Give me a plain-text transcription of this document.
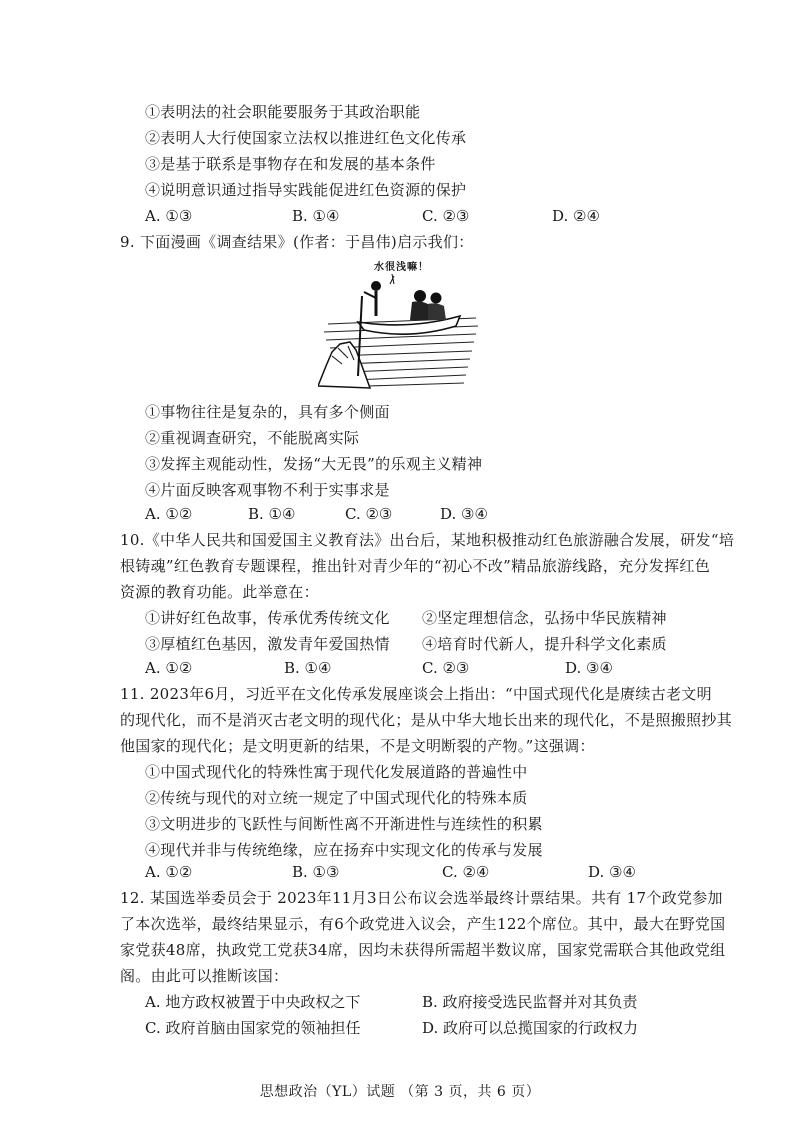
①表明法的社会职能要服务于其政治职能
②表明人大行使国家立法权以推进红色文化传承
③是基于联系是事物存在和发展的基本条件
④说明意识通过指导实践能促进红色资源的保护
A. ①③	B. ①④	C. ②③	D. ②④
9. 下面漫画《调查结果》(作者：于昌伟)启示我们：
水很浅嘛！
①事物往往是复杂的，具有多个侧面
②重视调查研究，不能脱离实际
③发挥主观能动性，发扬“大无畏”的乐观主义精神
④片面反映客观事物不利于实事求是
A. ①②	B. ①④	C. ②③	D. ③④
10.《中华人民共和国爱国主义教育法》出台后，某地积极推动红色旅游融合发展，研发“培
根铸魂”红色教育专题课程，推出针对青少年的“初心不改”精品旅游线路，充分发挥红色
资源的教育功能。此举意在：
①讲好红色故事，传承优秀传统文化 ②坚定理想信念，弘扬中华民族精神
③厚植红色基因，激发青年爱国热情 ④培育时代新人，提升科学文化素质
A. ①②	B. ①④	C. ②③	D. ③④
11. 2023年6月，习近平在文化传承发展座谈会上指出：“中国式现代化是赓续古老文明
的现代化，而不是消灭古老文明的现代化；是从中华大地长出来的现代化，不是照搬照抄其
他国家的现代化；是文明更新的结果，不是文明断裂的产物。”这强调：
①中国式现代化的特殊性寓于现代化发展道路的普遍性中
②传统与现代的对立统一规定了中国式现代化的特殊本质
③文明进步的飞跃性与间断性离不开渐进性与连续性的积累
④现代并非与传统绝缘，应在扬弃中实现文化的传承与发展
A. ①②	B. ①③	C. ②④	D. ③④
12. 某国选举委员会于 2023年11月3日公布议会选举最终计票结果。共有 17个政党参加
了本次选举，最终结果显示，有6个政党进入议会，产生122个席位。其中，最大在野党国
家党获48席，执政党工党获34席，因均未获得所需超半数议席，国家党需联合其他政党组
阁。由此可以推断该国：
A. 地方政权被置于中央政权之下	B. 政府接受选民监督并对其负责
C. 政府首脑由国家党的领袖担任	D. 政府可以总揽国家的行政权力
思想政治（YL）试题 （第 3 页，共 6 页）
